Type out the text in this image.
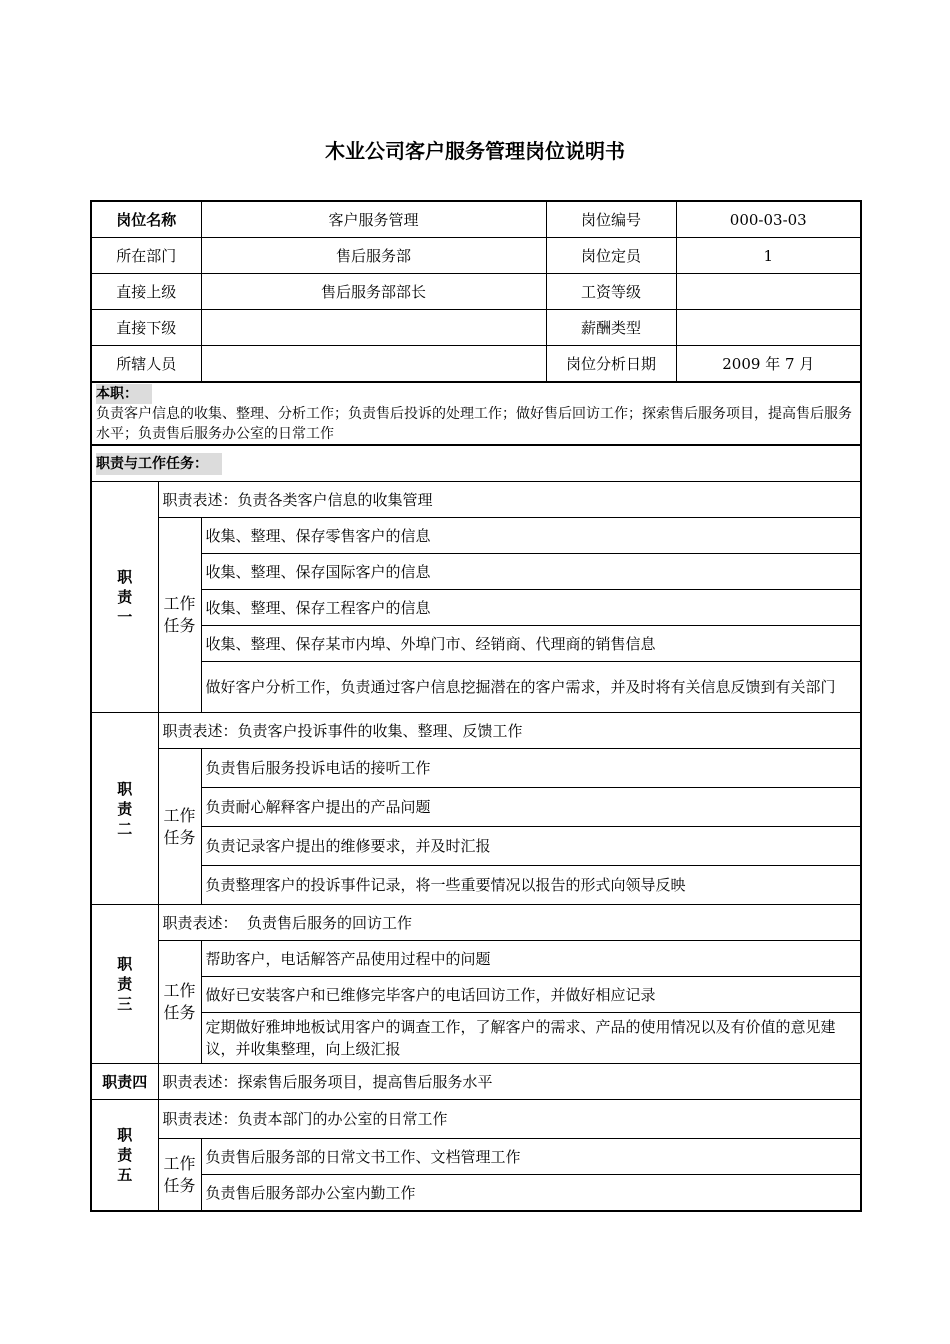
木业公司客户服务管理岗位说明书
岗位名称		客户服务管理	岗位编号	000-03-03
所在部门		售后服务部	岗位定员	1
直接上级		售后服务部部长	工资等级	
直接下级			薪酬类型	
所辖人员			岗位分析日期	2009 年 7 月
本职：
负责客户信息的收集、整理、分析工作；负责售后投诉的处理工作；做好售后回访工作；探索售后服务项目，提高售后服务水平；负责售后服务办公室的日常工作				
职责与工作任务：				
职责一	职责表述：负责各类客户信息的收集管理			
	工作任务	收集、整理、保存零售客户的信息		
		收集、整理、保存国际客户的信息		
		收集、整理、保存工程客户的信息		
		收集、整理、保存某市内埠、外埠门市、经销商、代理商的销售信息		
		做好客户分析工作，负责通过客户信息挖掘潜在的客户需求，并及时将有关信息反馈到有关部门		
职责二	职责表述：负责客户投诉事件的收集、整理、反馈工作			
	工作任务	负责售后服务投诉电话的接听工作		
		负责耐心解释客户提出的产品问题		
		负责记录客户提出的维修要求，并及时汇报		
		负责整理客户的投诉事件记录，将一些重要情况以报告的形式向领导反映		
职责三	职责表述：  负责售后服务的回访工作			
	工作任务	帮助客户，电话解答产品使用过程中的问题		
		做好已安装客户和已维修完毕客户的电话回访工作，并做好相应记录		
		定期做好雅坤地板试用客户的调查工作，了解客户的需求、产品的使用情况以及有价值的意见建议，并收集整理，向上级汇报		
职责四	职责表述：探索售后服务项目，提高售后服务水平			
职责五	职责表述：负责本部门的办公室的日常工作			
	工作任务	负责售后服务部的日常文书工作、文档管理工作		
		负责售后服务部办公室内勤工作		
